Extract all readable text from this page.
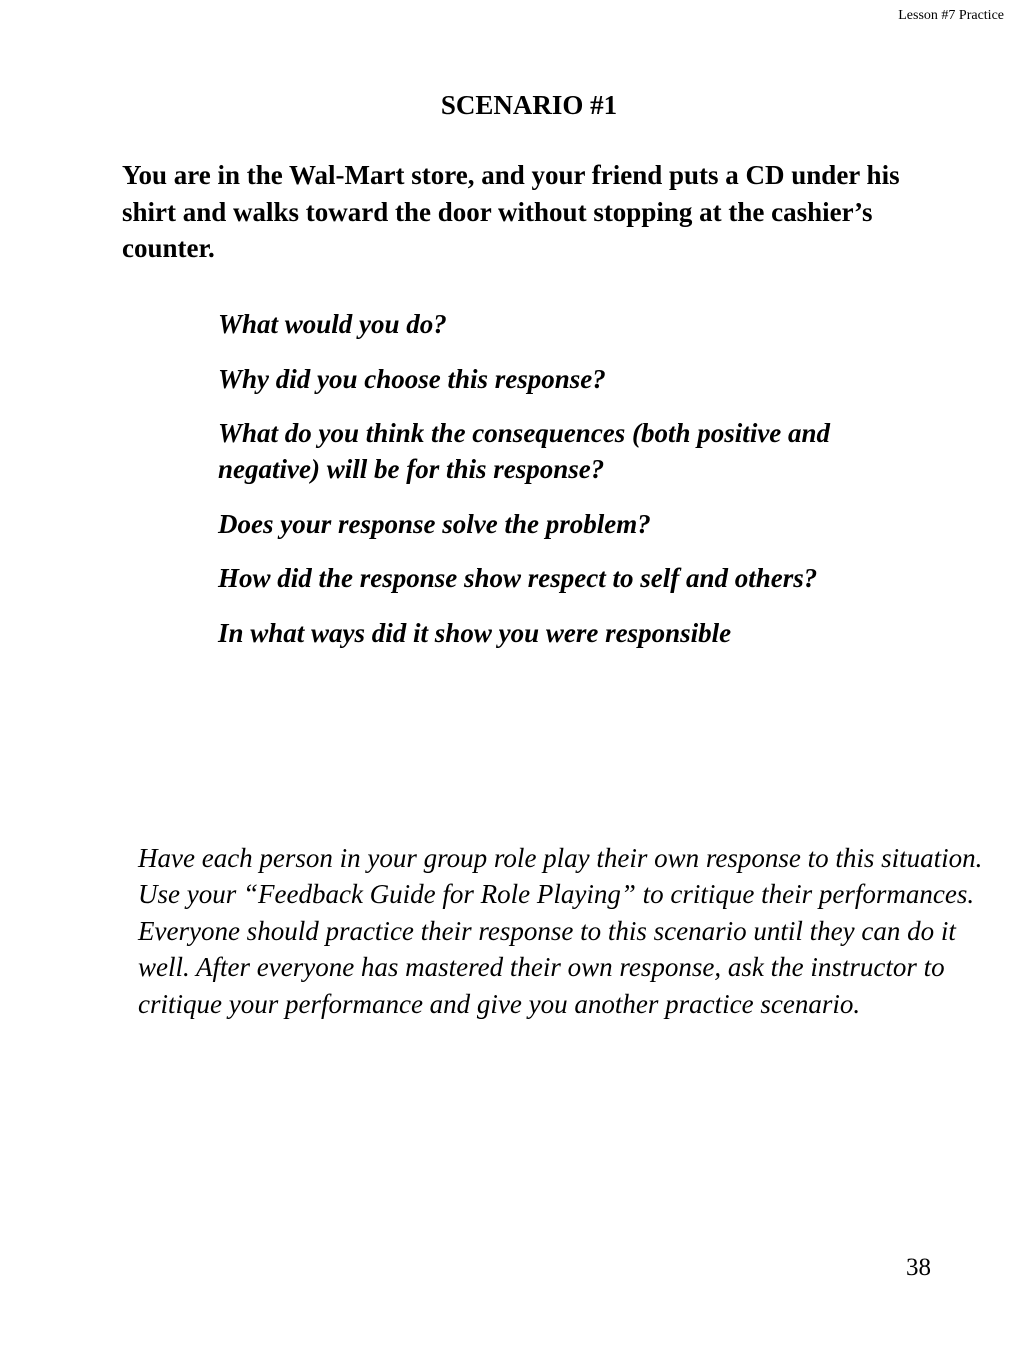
Lesson #7 Practice
SCENARIO #1
You are in the Wal-Mart store, and your friend puts a CD under his shirt and walks toward the door without stopping at the cashier’s counter.
What would you do?
Why did you choose this response?
What do you think the consequences (both positive and negative) will be for this response?
Does your response solve the problem?
How did the response show respect to self and others?
In what ways did it show you were responsible
Have each person in your group role play their own response to this situation. Use your “Feedback Guide for Role Playing” to critique their performances. Everyone should practice their response to this scenario until they can do it well. After everyone has mastered their own response, ask the instructor to critique your performance and give you another practice scenario.
38
